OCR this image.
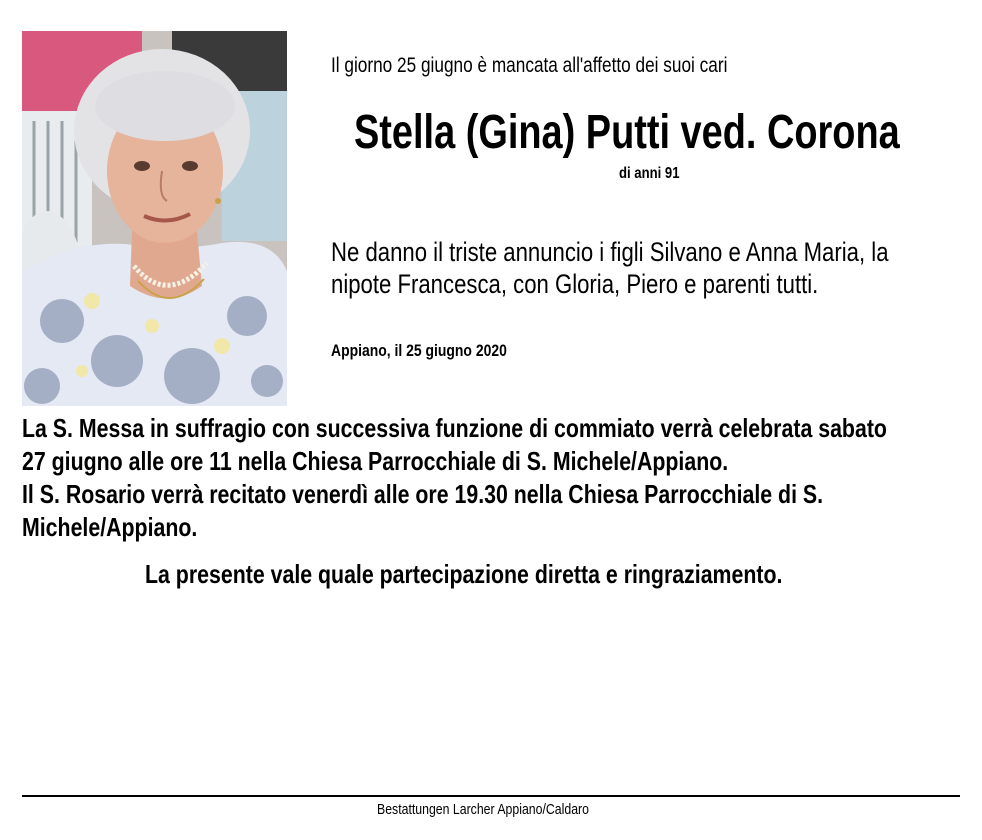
Il giorno 25 giugno è mancata all'affetto dei suoi cari
Stella (Gina) Putti ved. Corona
di anni 91
Ne danno il triste annuncio i figli Silvano e Anna Maria, la
nipote Francesca, con Gloria, Piero e parenti tutti.
Appiano, il 25 giugno 2020
La S. Messa in suffragio con successiva funzione di commiato verrà celebrata sabato
27 giugno alle ore 11 nella Chiesa Parrocchiale di S. Michele/Appiano.
Il S. Rosario verrà recitato venerdì alle ore 19.30 nella Chiesa Parrocchiale di S.
Michele/Appiano.
La presente vale quale partecipazione diretta e ringraziamento.
Bestattungen Larcher Appiano/Caldaro
